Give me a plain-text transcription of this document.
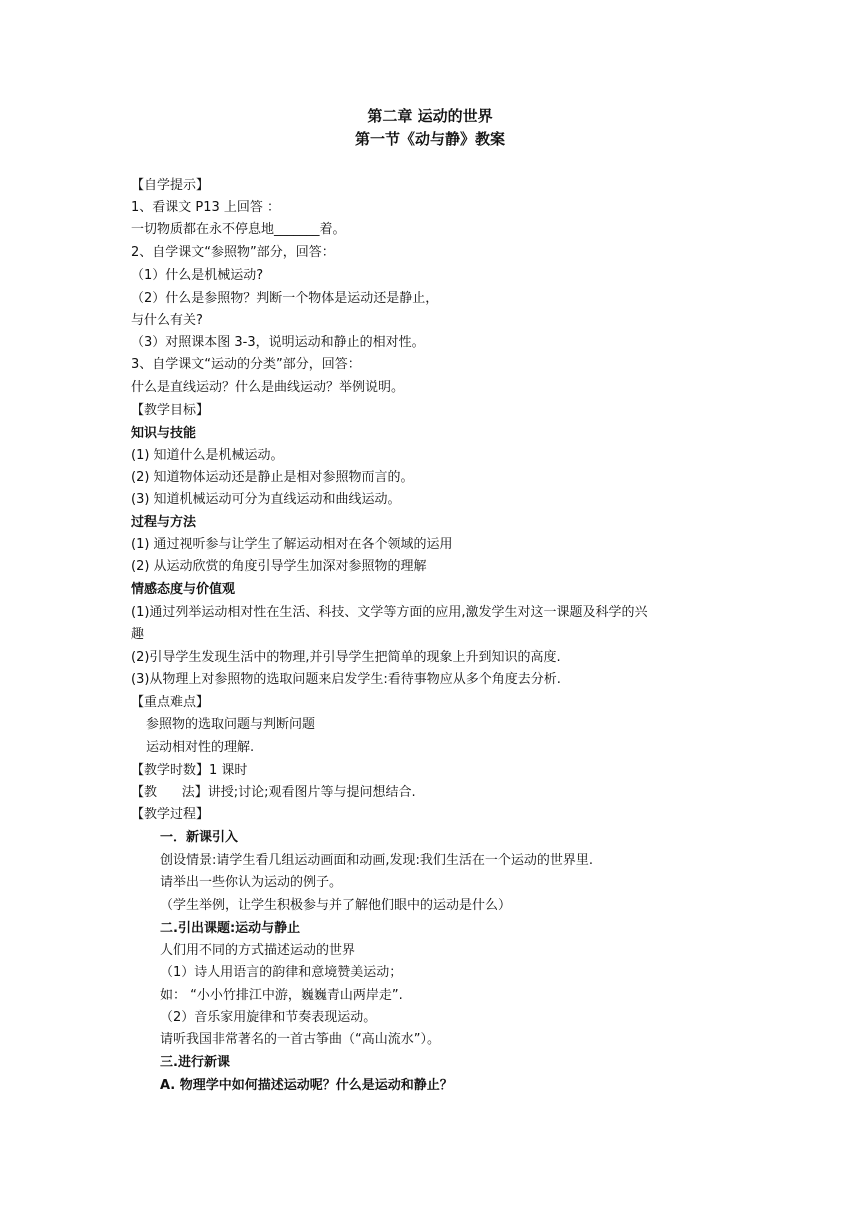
第二章 运动的世界
第一节《动与静》教案
【自学提示】
1、看课文 P13 上回答 ：
一切物质都在永不停息地_______着。
2、自学课文“参照物”部分，回答：
（1）什么是机械运动?
（2）什么是参照物？判断一个物体是运动还是静止，
与什么有关?
（3）对照课本图 3-3，说明运动和静止的相对性。
3、自学课文“运动的分类”部分，回答：
什么是直线运动？什么是曲线运动？举例说明。
【教学目标】
知识与技能
(1) 知道什么是机械运动。
(2) 知道物体运动还是静止是相对参照物而言的。
(3) 知道机械运动可分为直线运动和曲线运动。
过程与方法
(1) 通过视听参与让学生了解运动相对在各个领域的运用
(2) 从运动欣赏的角度引导学生加深对参照物的理解
情感态度与价值观
(1)通过列举运动相对性在生活、科技、文学等方面的应用,激发学生对这一课题及科学的兴
趣
(2)引导学生发现生活中的物理,并引导学生把简单的现象上升到知识的高度.
(3)从物理上对参照物的选取问题来启发学生:看待事物应从多个角度去分析.
【重点难点】
参照物的选取问题与判断问题
运动相对性的理解.
【教学时数】1 课时
【教      法】讲授;讨论;观看图片等与提问想结合.
【教学过程】
一．新课引入
创设情景:请学生看几组运动画面和动画,发现:我们生活在一个运动的世界里.
请举出一些你认为运动的例子。
（学生举例，让学生积极参与并了解他们眼中的运动是什么）
二.引出课题:运动与静止
人们用不同的方式描述运动的世界
（1）诗人用语言的韵律和意境赞美运动；
如： “小小竹排江中游，巍巍青山两岸走”.
（2）音乐家用旋律和节奏表现运动。
请听我国非常著名的一首古筝曲（“高山流水”）。
三.进行新课
A. 物理学中如何描述运动呢？什么是运动和静止？
